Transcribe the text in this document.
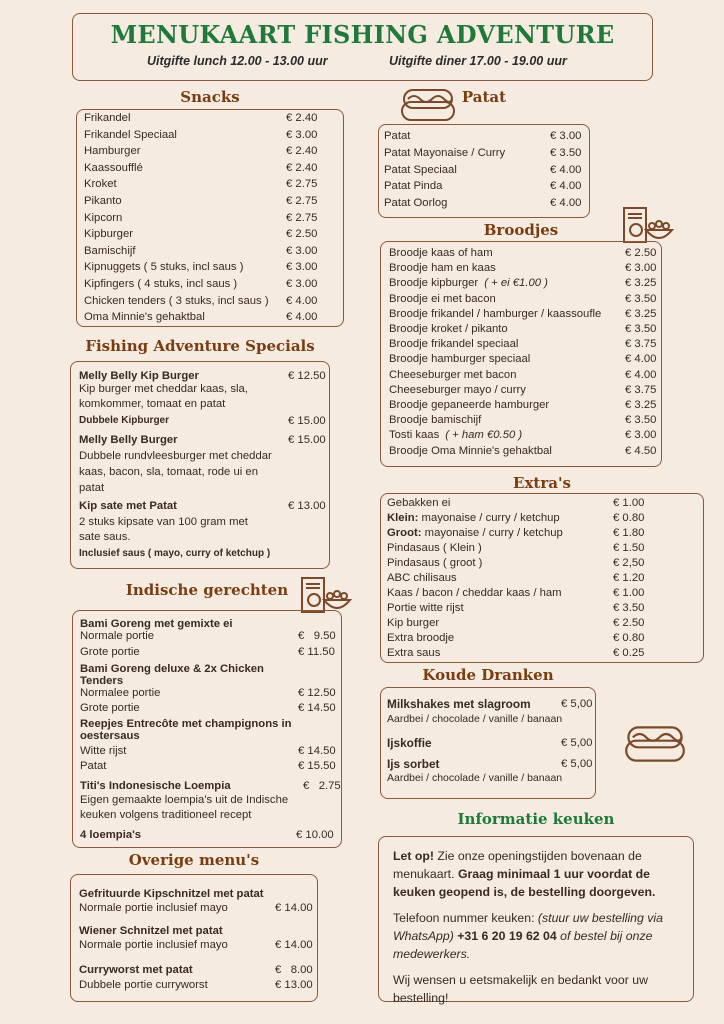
MENUKAART FISHING ADVENTURE
Uitgifte lunch 12.00 - 13.00 uur	Uitgifte diner 17.00 - 19.00 uur
Snacks
Frikandel	€ 2.40
Frikandel Speciaal	€ 3.00
Hamburger	€ 2.40
Kaassoufflé	€ 2.40
Kroket	€ 2.75
Pikanto	€ 2.75
Kipcorn	€ 2.75
Kipburger	€ 2.50
Bamischijf	€ 3.00
Kipnuggets ( 5 stuks, incl saus )	€ 3.00
Kipfingers ( 4 stuks, incl saus )	€ 3.00
Chicken tenders ( 3 stuks, incl saus ) € 4.00
Oma Minnie's gehaktbal	€ 4.00
Patat
Patat	€ 3.00
Patat Mayonaise / Curry	€ 3.50
Patat Speciaal	€ 4.00
Patat Pinda	€ 4.00
Patat Oorlog	€ 4.00
Broodjes
Broodje kaas of ham	€ 2.50
Broodje ham en kaas	€ 3.00
Broodje kipburger ( + ei €1.00 )	€ 3.25
Broodje ei met bacon	€ 3.50
Broodje frikandel / hamburger / kaassoufle € 3.25
Broodje kroket / pikanto	€ 3.50
Broodje frikandel speciaal	€ 3.75
Broodje hamburger speciaal	€ 4.00
Cheeseburger met bacon	€ 4.00
Cheeseburger mayo / curry	€ 3.75
Broodje gepaneerde hamburger	€ 3.25
Broodje bamischijf	€ 3.50
Tosti kaas ( + ham €0.50 )	€ 3.00
Broodje Oma Minnie's gehaktbal	€ 4.50
Fishing Adventure Specials
Melly Belly Kip Burger	€ 12.50
Kip burger met cheddar kaas, sla,
komkommer, tomaat en patat
Dubbele Kipburger	€ 15.00
Melly Belly Burger	€ 15.00
Dubbele rundvleesburger met cheddar
kaas, bacon, sla, tomaat, rode ui en
patat
Kip sate met Patat	€ 13.00
2 stuks kipsate van 100 gram met
sate saus.
Inclusief saus ( mayo, curry of ketchup )
Extra's
Gebakken ei	€ 1.00
Klein: mayonaise / curry / ketchup	€ 0.80
Groot: mayonaise / curry / ketchup	€ 1.80
Pindasaus ( Klein )	€ 1.50
Pindasaus ( groot )	€ 2,50
ABC chilisaus	€ 1.20
Kaas / bacon / cheddar kaas / ham	€ 1.00
Portie witte rijst	€ 3.50
Kip burger	€ 2.50
Extra broodje	€ 0.80
Extra saus	€ 0.25
Indische gerechten
Bami Goreng met gemixte ei
Normale portie	€   9.50
Grote portie	€ 11.50
Bami Goreng deluxe & 2x Chicken Tenders
Normalee portie	€ 12.50
Grote portie	€ 14.50
Reepjes Entrecôte met champignons in oestersaus
Witte rijst	€ 14.50
Patat	€ 15.50
Titi's Indonesische Loempia	€   2.75
Eigen gemaakte loempia's uit de Indische
keuken volgens traditioneel recept
4 loempia's	€ 10.00
Koude Dranken
Milkshakes met slagroom	€ 5,00
Aardbei / chocolade / vanille / banaan
Ijskoffie	€ 5,00
Ijs sorbet	€ 5,00
Aardbei / chocolade / vanille / banaan
Overige menu's
Gefrituurde Kipschnitzel met patat
Normale portie inclusief mayo	€ 14.00
Wiener Schnitzel met patat
Normale portie inclusief mayo	€ 14.00
Curryworst met patat	€   8.00
Dubbele portie curryworst	€ 13.00
Informatie keuken

Let op! Zie onze openingstijden bovenaan de menukaart. Graag minimaal 1 uur voordat de keuken geopend is, de bestelling doorgeven.

Telefoon nummer keuken: (stuur uw bestelling via WhatsApp) +31 6 20 19 62 04 of bestel bij onze medewerkers.

Wij wensen u eetsmakelijk en bedankt voor uw bestelling!
